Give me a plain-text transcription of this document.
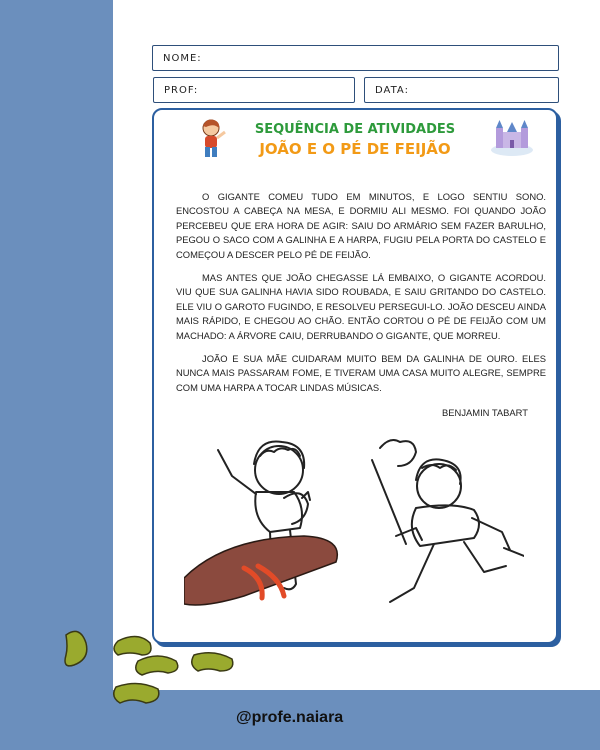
NOME:
PROF:	DATA:
SEQUÊNCIA DE ATIVIDADES
JOÃO E O PÉ DE FEIJÃO

O GIGANTE COMEU TUDO EM MINUTOS, E LOGO SENTIU SONO. ENCOSTOU A CABEÇA NA MESA, E DORMIU ALI MESMO. FOI QUANDO JOÃO PERCEBEU QUE ERA HORA DE AGIR: SAIU DO ARMÁRIO SEM FAZER BARULHO, PEGOU O SACO COM A GALINHA E A HARPA, FUGIU PELA PORTA DO CASTELO E COMEÇOU A DESCER PELO PÉ DE FEIJÃO.

MAS ANTES QUE JOÃO CHEGASSE LÁ EMBAIXO, O GIGANTE ACORDOU. VIU QUE SUA GALINHA HAVIA SIDO ROUBADA, E SAIU GRITANDO DO CASTELO. ELE VIU O GAROTO FUGINDO, E RESOLVEU PERSEGUI-LO. JOÃO DESCEU AINDA MAIS RÁPIDO, E CHEGOU AO CHÃO. ENTÃO CORTOU O PÉ DE FEIJÃO COM UM MACHADO: A ÁRVORE CAIU, DERRUBANDO O GIGANTE, QUE MORREU.

JOÃO E SUA MÃE CUIDARAM MUITO BEM DA GALINHA DE OURO. ELES NUNCA MAIS PASSARAM FOME, E TIVERAM UMA CASA MUITO ALEGRE, SEMPRE COM UMA HARPA A TOCAR LINDAS MÚSICAS.

BENJAMIN TABART
@profe.naiara
